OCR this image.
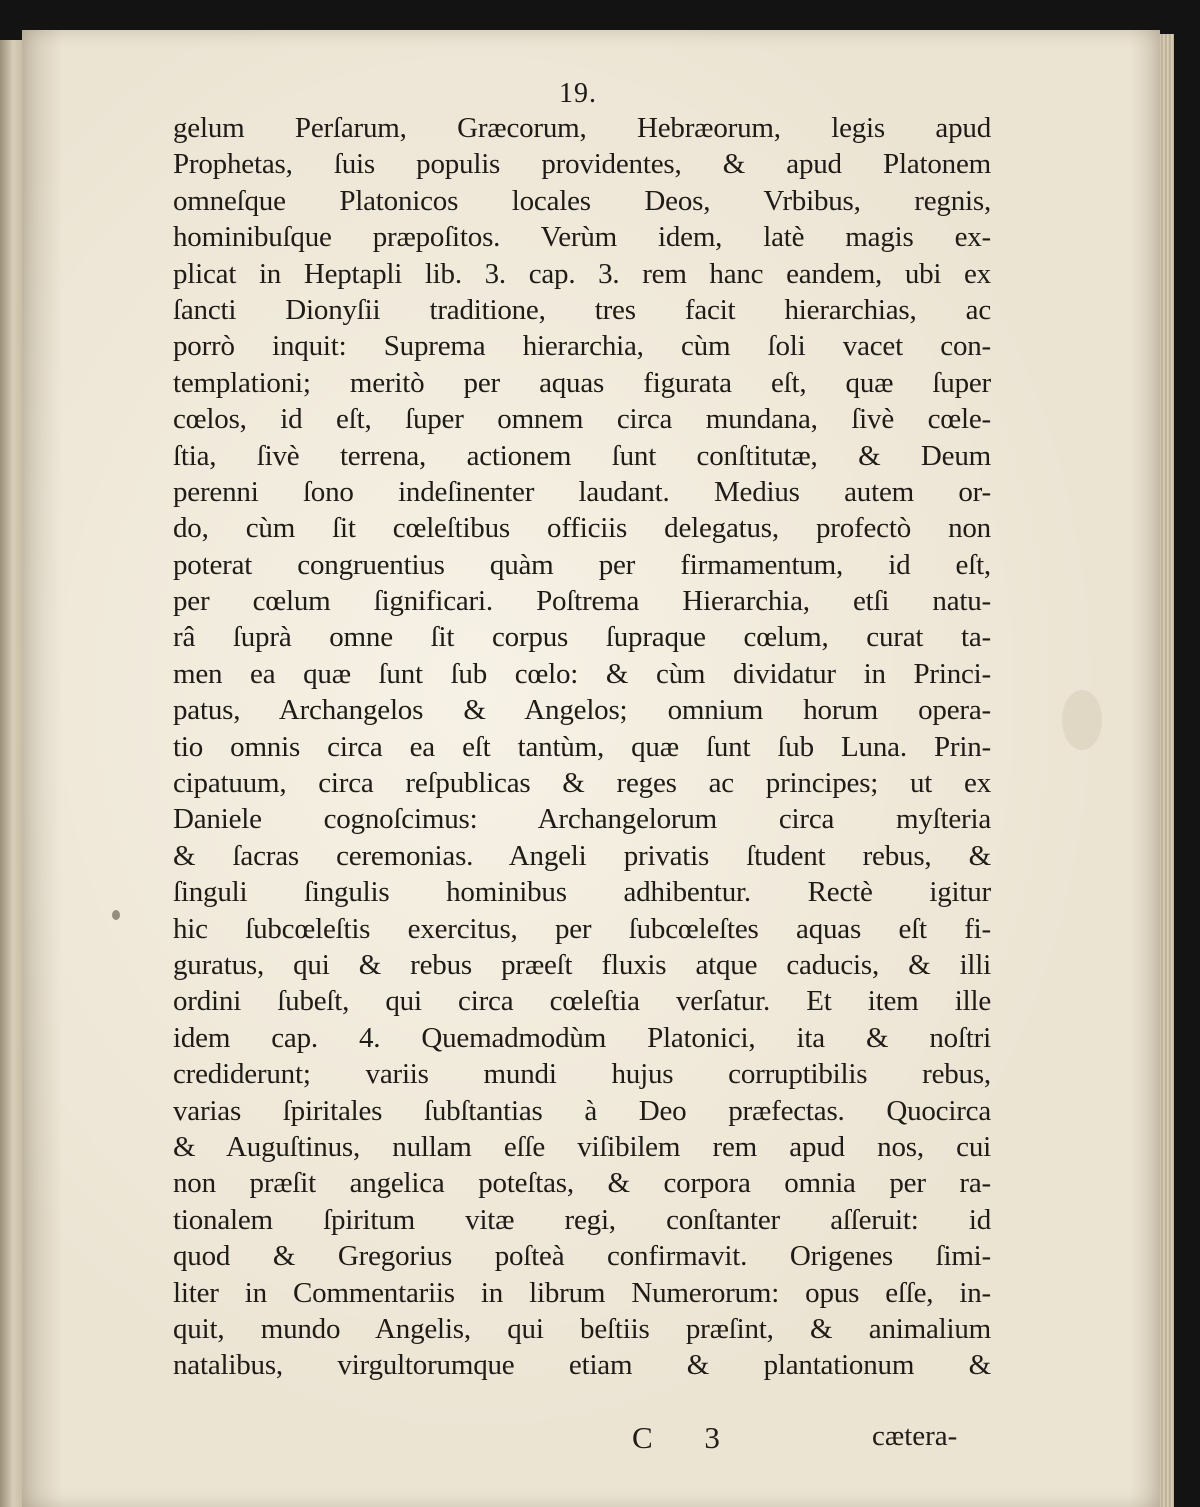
19.
gelum Perſarum, Græcorum, Hebræorum, legis apud
Prophetas, ſuis populis providentes, & apud Platonem
omneſque Platonicos locales Deos, Vrbibus, regnis,
hominibuſque præpoſitos. Verùm idem, latè magis ex-
plicat in Heptapli lib. 3. cap. 3. rem hanc eandem, ubi ex
ſancti Dionyſii traditione, tres facit hierarchias, ac
porrò inquit: Suprema hierarchia, cùm ſoli vacet con-
templationi; meritò per aquas figurata eſt, quæ ſuper
cœlos, id eſt, ſuper omnem circa mundana, ſivè cœle-
ſtia, ſivè terrena, actionem ſunt conſtitutæ, & Deum
perenni ſono indeſinenter laudant. Medius autem or-
do, cùm ſit cœleſtibus officiis delegatus, profectò non
poterat congruentius quàm per firmamentum, id eſt,
per cœlum ſignificari. Poſtrema Hierarchia, etſi natu-
râ ſuprà omne ſit corpus ſupraque cœlum, curat ta-
men ea quæ ſunt ſub cœlo: & cùm dividatur in Princi-
patus, Archangelos & Angelos; omnium horum opera-
tio omnis circa ea eſt tantùm, quæ ſunt ſub Luna. Prin-
cipatuum, circa reſpublicas & reges ac principes; ut ex
Daniele cognoſcimus: Archangelorum circa myſteria
& ſacras ceremonias. Angeli privatis ſtudent rebus, &
ſinguli ſingulis hominibus adhibentur. Rectè igitur
hic ſubcœleſtis exercitus, per ſubcœleſtes aquas eſt fi-
guratus, qui & rebus præeſt fluxis atque caducis, & illi
ordini ſubeſt, qui circa cœleſtia verſatur. Et item ille
idem cap. 4. Quemadmodùm Platonici, ita & noſtri
crediderunt; variis mundi hujus corruptibilis rebus,
varias ſpiritales ſubſtantias à Deo præfectas. Quocirca
& Auguſtinus, nullam eſſe viſibilem rem apud nos, cui
non præſit angelica poteſtas, & corpora omnia per ra-
tionalem ſpiritum vitæ regi, conſtanter aſſeruit: id
quod & Gregorius poſteà confirmavit. Origenes ſimi-
liter in Commentariis in librum Numerorum: opus eſſe, in-
quit, mundo Angelis, qui beſtiis præſint, & animalium
natalibus, virgultorumque etiam & plantationum &
C 3	cætera-
